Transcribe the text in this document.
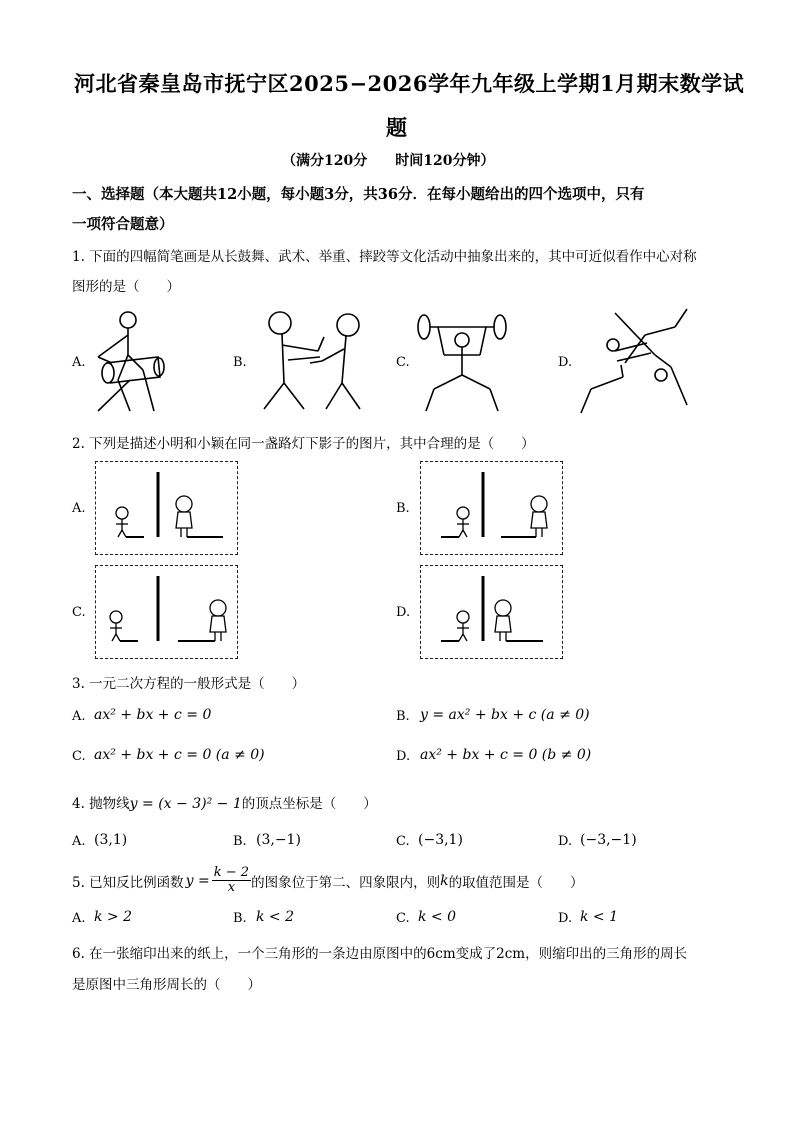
河北省秦皇岛市抚宁区2025−2026学年九年级上学期1月期末数学试
题
（满分120分　　时间120分钟）
一、选择题（本大题共12小题，每小题3分，共36分．在每小题给出的四个选项中，只有
一项符合题意）
1. 下面的四幅简笔画是从长鼓舞、武术、举重、摔跤等文化活动中抽象出来的，其中可近似看作中心对称
图形的是（　　）
A.	B.	C.	D.
2. 下列是描述小明和小颖在同一盏路灯下影子的图片，其中合理的是（　　）
A.	B.
C.	D.
3. 一元二次方程的一般形式是（　　）
A. ax² + bx + c = 0	B. y = ax² + bx + c (a ≠ 0)
C. ax² + bx + c = 0 (a ≠ 0)	D. ax² + bx + c = 0 (b ≠ 0)
4. 抛物线y = (x − 3)² − 1的顶点坐标是（　　）
A. (3,1)	B. (3,−1)	C. (−3,1)	D. (−3,−1)
5. 已知反比例函数 $y = \frac{k - 2}{x}$ 的图象位于第二、四象限内，则 k 的取值范围是（　　）
A. k > 2	B. k < 2	C. k < 0	D. k < 1
6. 在一张缩印出来的纸上，一个三角形的一条边由原图中的6cm变成了2cm，则缩印出的三角形的周长
是原图中三角形周长的（　　）
